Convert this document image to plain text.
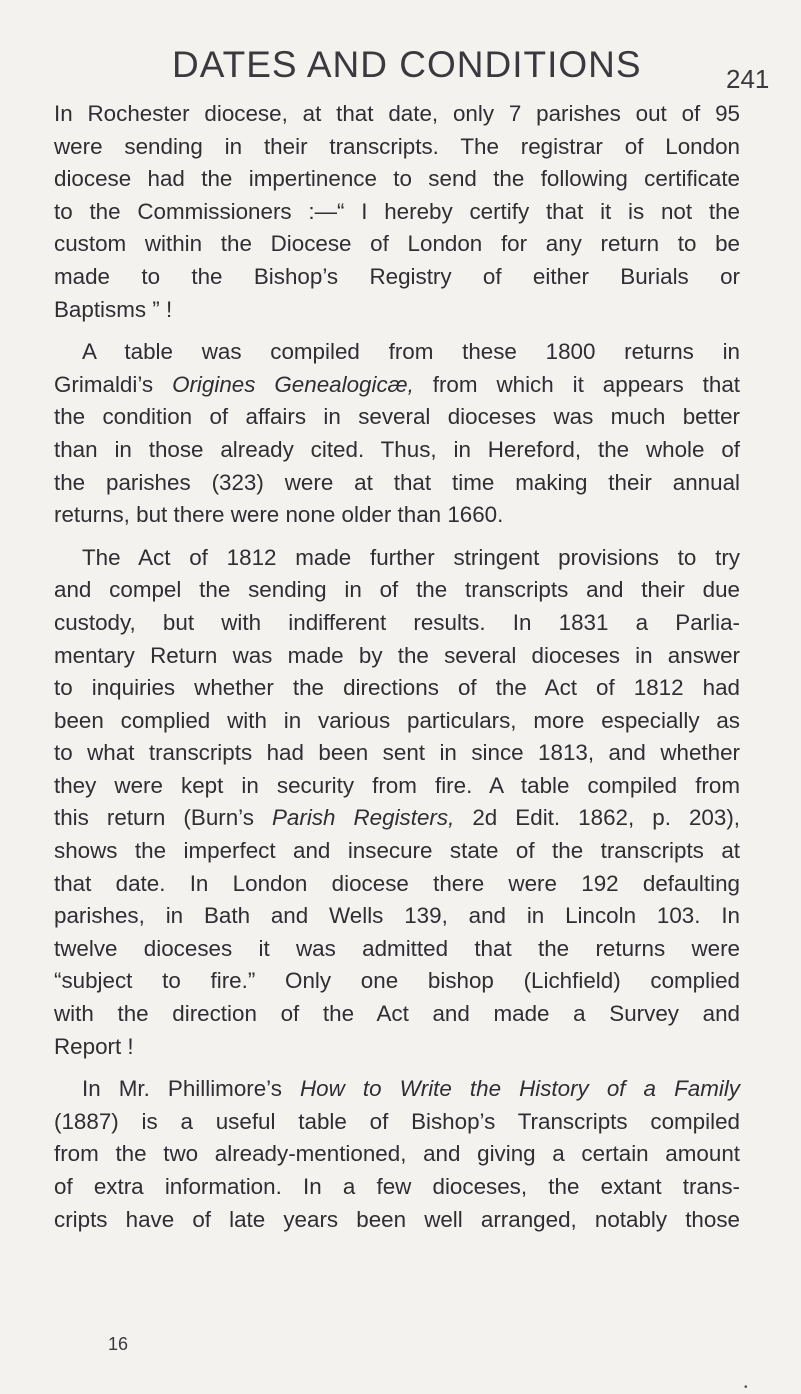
DATES AND CONDITIONS	241

In Rochester diocese, at that date, only 7 parishes out of 95
were sending in their transcripts. The registrar of London
diocese had the impertinence to send the following certificate
to the Commissioners :—“ I hereby certify that it is not the
custom within the Diocese of London for any return to be
made to the Bishop’s Registry of either Burials or
Baptisms ” !

A table was compiled from these 1800 returns in
Grimaldi’s Origines Genealogicæ, from which it appears that
the condition of affairs in several dioceses was much better
than in those already cited. Thus, in Hereford, the whole of
the parishes (323) were at that time making their annual
returns, but there were none older than 1660.

The Act of 1812 made further stringent provisions to try
and compel the sending in of the transcripts and their due
custody, but with indifferent results. In 1831 a Parlia-
mentary Return was made by the several dioceses in answer
to inquiries whether the directions of the Act of 1812 had
been complied with in various particulars, more especially as
to what transcripts had been sent in since 1813, and whether
they were kept in security from fire. A table compiled from
this return (Burn’s Parish Registers, 2d Edit. 1862, p. 203),
shows the imperfect and insecure state of the transcripts at
that date. In London diocese there were 192 defaulting
parishes, in Bath and Wells 139, and in Lincoln 103. In
twelve dioceses it was admitted that the returns were
“subject to fire.” Only one bishop (Lichfield) complied
with the direction of the Act and made a Survey and
Report !

In Mr. Phillimore’s How to Write the History of a Family
(1887) is a useful table of Bishop’s Transcripts compiled
from the two already-mentioned, and giving a certain amount
of extra information. In a few dioceses, the extant trans-
cripts have of late years been well arranged, notably those

16
•
